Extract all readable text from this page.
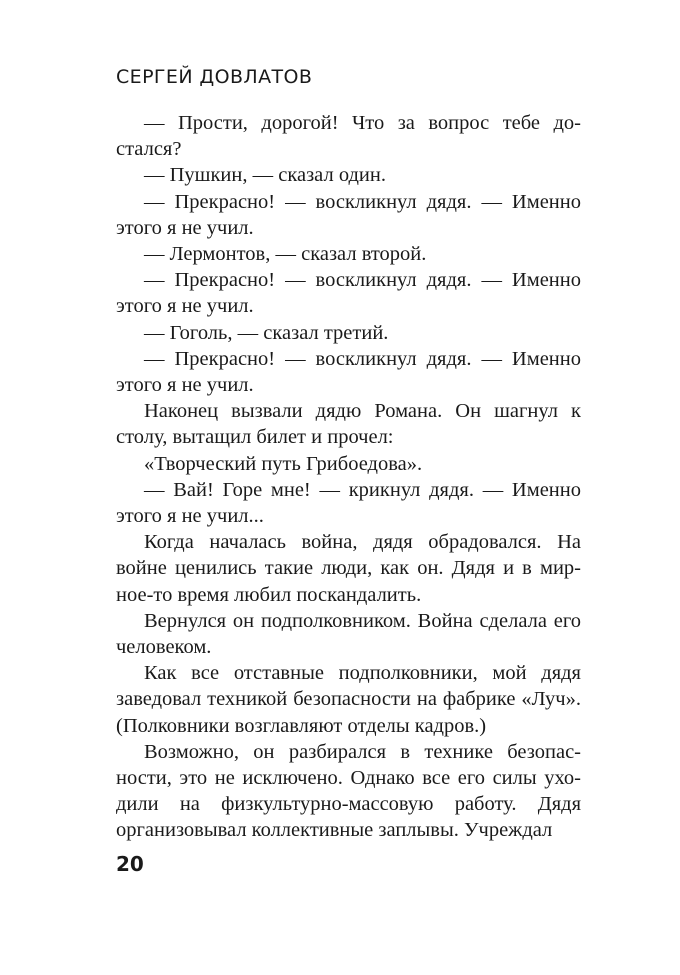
СЕРГЕЙ ДОВЛАТОВ

— Прости, дорогой! Что за вопрос тебе достался?

— Пушкин, — сказал один.

— Прекрасно! — воскликнул дядя. — Именно этого я не учил.

— Лермонтов, — сказал второй.

— Прекрасно! — воскликнул дядя. — Именно этого я не учил.

— Гоголь, — сказал третий.

— Прекрасно! — воскликнул дядя. — Именно этого я не учил.

Наконец вызвали дядю Романа. Он шагнул к столу, вытащил билет и прочел:

«Творческий путь Грибоедова».

— Вай! Горе мне! — крикнул дядя. — Именно этого я не учил...

Когда началась война, дядя обрадовался. На войне ценились такие люди, как он. Дядя и в мирное-то время любил поскандалить.

Вернулся он подполковником. Война сделала его человеком.

Как все отставные подполковники, мой дядя заведовал техникой безопасности на фабрике «Луч». (Полковники возглавляют отделы кадров.)

Возможно, он разбирался в технике безопасности, это не исключено. Однако все его силы уходили на физкультурно-массовую работу. Дядя организовывал коллективные заплывы. Учреждал

20
